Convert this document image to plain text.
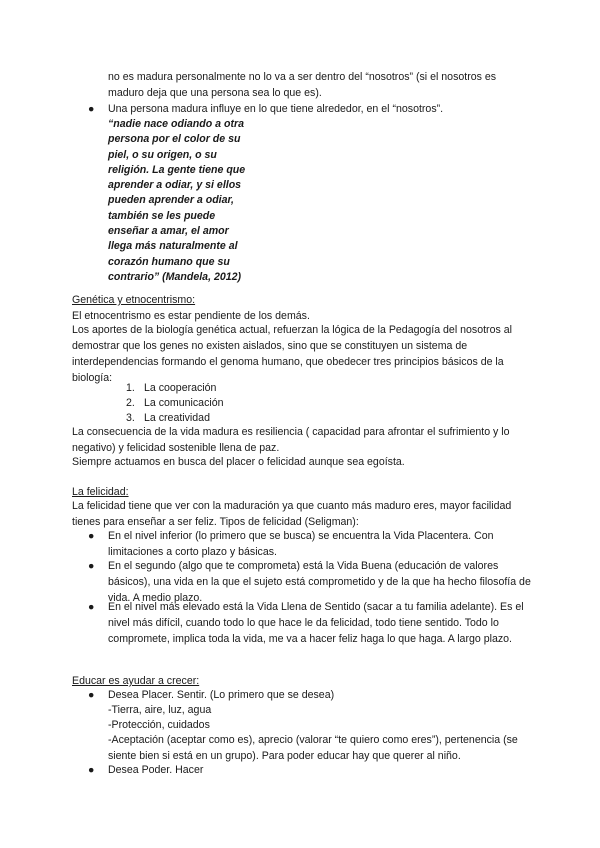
no es madura personalmente no lo va a ser dentro del “nosotros” (si el nosotros es maduro deja que una persona sea lo que es).
●	Una persona madura influye en lo que tiene alrededor, en el “nosotros”.
“nadie nace odiando a otra
persona por el color de su
piel, o su origen, o su
religión. La gente tiene que
aprender a odiar, y si ellos
pueden aprender a odiar,
también se les puede
enseñar a amar, el amor
llega más naturalmente al
corazón humano que su
contrario” (Mandela, 2012)
Genética y etnocentrismo:
El etnocentrismo es estar pendiente de los demás.
Los aportes de la biología genética actual, refuerzan la lógica de la Pedagogía del nosotros al demostrar que los genes no existen aislados, sino que se constituyen un sistema de interdependencias formando el genoma humano, que obedecer tres principios básicos de la biología:
1. La cooperación
2. La comunicación
3. La creatividad
La consecuencia de la vida madura es resiliencia ( capacidad para afrontar el sufrimiento y lo negativo) y felicidad sostenible llena de paz.
Siempre actuamos en busca del placer o felicidad aunque sea egoísta.
La felicidad:
La felicidad tiene que ver con la maduración ya que cuanto más maduro eres, mayor facilidad tienes para enseñar a ser feliz. Tipos de felicidad (Seligman):
●	En el nivel inferior (lo primero que se busca) se encuentra la Vida Placentera. Con limitaciones a corto plazo y básicas.
●	En el segundo (algo que te comprometa) está la Vida Buena (educación de valores básicos), una vida en la que el sujeto está comprometido y de la que ha hecho filosofía de vida. A medio plazo.
●	En el nivel más elevado está la Vida Llena de Sentido (sacar a tu familia adelante). Es el nivel más difícil, cuando todo lo que hace le da felicidad, todo tiene sentido. Todo lo compromete, implica toda la vida, me va a hacer feliz haga lo que haga. A largo plazo.
Educar es ayudar a crecer:
●	Desea Placer. Sentir. (Lo primero que se desea)
-Tierra, aire, luz, agua
-Protección, cuidados
-Aceptación (aceptar como es), aprecio (valorar “te quiero como eres”), pertenencia (se siente bien si está en un grupo). Para poder educar hay que querer al niño.
●	Desea Poder. Hacer
